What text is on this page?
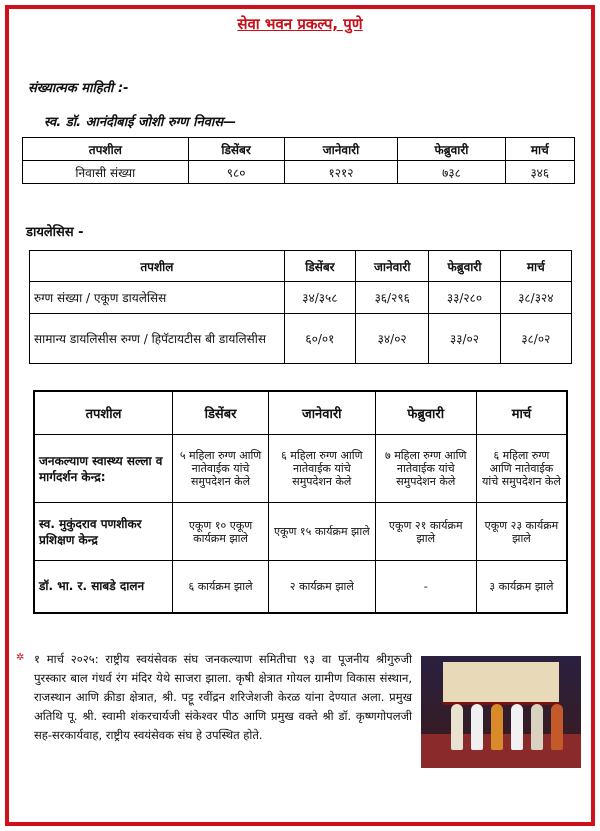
सेवा भवन प्रकल्प, पुणे
संख्यात्मक माहिती :-
स्व. डॉ. आनंदीबाई जोशी रुग्ण निवास—
तपशील	डिसेंबर	जानेवारी	फेब्रुवारी	मार्च
निवासी संख्या	९८०	१२१२	७३८	३४६
डायलेसिस -
तपशील	डिसेंबर	जानेवारी	फेब्रुवारी	मार्च
रुग्ण संख्या / एकूण डायलेसिस	३४/३५८	३६/२९६	३३/२८०	३८/३२४
सामान्य डायलिसीस रुग्ण / हिपॅटायटीस बी डायलिसीस	६०/०१	३४/०२	३३/०२	३८/०२
तपशील	डिसेंबर	जानेवारी	फेब्रुवारी	मार्च
जनकल्याण स्वास्थ्य सल्ला व मार्गदर्शन केन्द्र:	५ महिला रुग्ण आणि नातेवाईक यांचे समुपदेशन केले	६ महिला रुग्ण आणि नातेवाईक यांचे समुपदेशन केले	७ महिला रुग्ण आणि नातेवाईक यांचे समुपदेशन केले	६ महिला रुग्ण आणि नातेवाईक यांचे समुपदेशन केले
स्व. मुकुंदराव पणशीकर प्रशिक्षण केन्द्र	एकूण १० एकूण कार्यक्रम झाले	एकूण १५ कार्यक्रम झाले	एकूण २१ कार्यक्रम झाले	एकूण २३ कार्यक्रम झाले
डॉ. भा. र. साबडे दालन	६ कार्यक्रम झाले	२ कार्यक्रम झाले	-	३ कार्यक्रम झाले
✲ १ मार्च २०२५: राष्ट्रीय स्वयंसेवक संघ जनकल्याण समितीचा ९३ वा पूजनीय श्रीगुरुजी पुरस्कार बाल गंधर्व रंग मंदिर येथे साजरा झाला. कृषी क्षेत्रात गोयल ग्रामीण विकास संस्थान, राजस्थान आणि क्रीडा क्षेत्रात, श्री. पट्टू रवींद्रन शरिजेशजी केरळ यांना देण्यात अला. प्रमुख अतिथि पू. श्री. स्वामी शंकरचार्यजी संकेश्वर पीठ आणि प्रमुख वक्ते श्री डॉ. कृष्णगोपलजी सह-सरकार्यवाह, राष्ट्रीय स्वयंसेवक संघ हे उपस्थित होते.
